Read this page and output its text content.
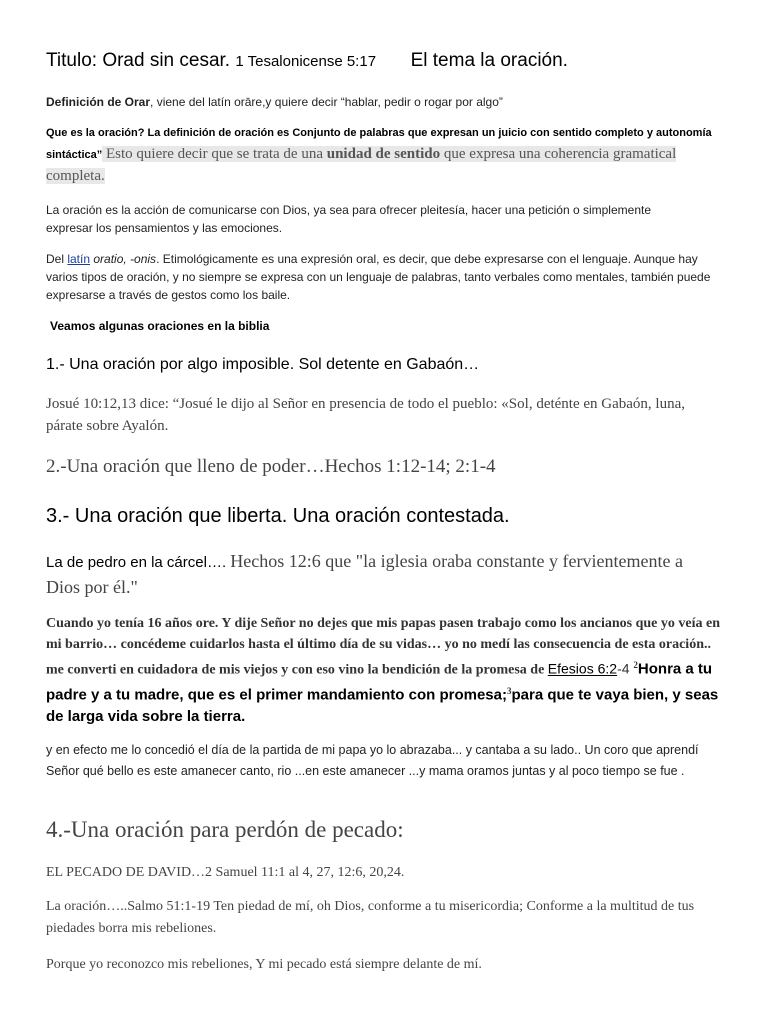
Titulo: Orad sin cesar. 1 Tesalonicense 5:17 El tema la oración.
Definición de Orar, viene del latín orāre,y quiere decir “hablar, pedir o rogar por algo”
Que es la oración? La definición de oración es Conjunto de palabras que expresan un juicio con sentido completo y autonomía sintáctica” Esto quiere decir que se trata de una unidad de sentido que expresa una coherencia gramatical completa.
La oración es la acción de comunicarse con Dios, ya sea para ofrecer pleitesía, hacer una petición o simplemente expresar los pensamientos y las emociones.
Del latín oratio, -onis. Etimológicamente es una expresión oral, es decir, que debe expresarse con el lenguaje. Aunque hay varios tipos de oración, y no siempre se expresa con un lenguaje de palabras, tanto verbales como mentales, también puede expresarse a través de gestos como los baile.
Veamos algunas oraciones en la biblia
1.- Una oración por algo imposible. Sol detente en Gabaón…
Josué 10:12,13 dice: “Josué le dijo al Señor en presencia de todo el pueblo: «Sol, deténte en Gabaón, luna, párate sobre Ayalón.
2.-Una oración que lleno de poder…Hechos 1:12-14; 2:1-4
3.- Una oración que liberta. Una oración contestada.
La de pedro en la cárcel…. Hechos 12:6 que "la iglesia oraba constante y fervientemente a Dios por él."
Cuando yo tenía 16 años ore. Y dije Señor no dejes que mis papas pasen trabajo como los ancianos que yo veía en mi barrio… concédeme cuidarlos hasta el último día de su vidas… yo no medí las consecuencia de esta oración.. me converti en cuidadora de mis viejos y con eso vino la bendición de la promesa de Efesios 6:2-4 $^2$Honra a tu padre y a tu madre, que es el primer mandamiento con promesa;$^3$para que te vaya bien, y seas de larga vida sobre la tierra.
y en efecto me lo concedió el día de la partida de mi papa yo lo abrazaba... y cantaba a su lado.. Un coro que aprendí Señor qué bello es este amanecer canto, rio ...en este amanecer ...y mama oramos juntas y al poco tiempo se fue .
4.-Una oración para perdón de pecado:
EL PECADO DE DAVID…2 Samuel 11:1 al 4, 27, 12:6, 20,24.
La oración…..Salmo 51:1-19 Ten piedad de mí, oh Dios, conforme a tu misericordia; Conforme a la multitud de tus piedades borra mis rebeliones.
Porque yo reconozco mis rebeliones, Y mi pecado está siempre delante de mí.
